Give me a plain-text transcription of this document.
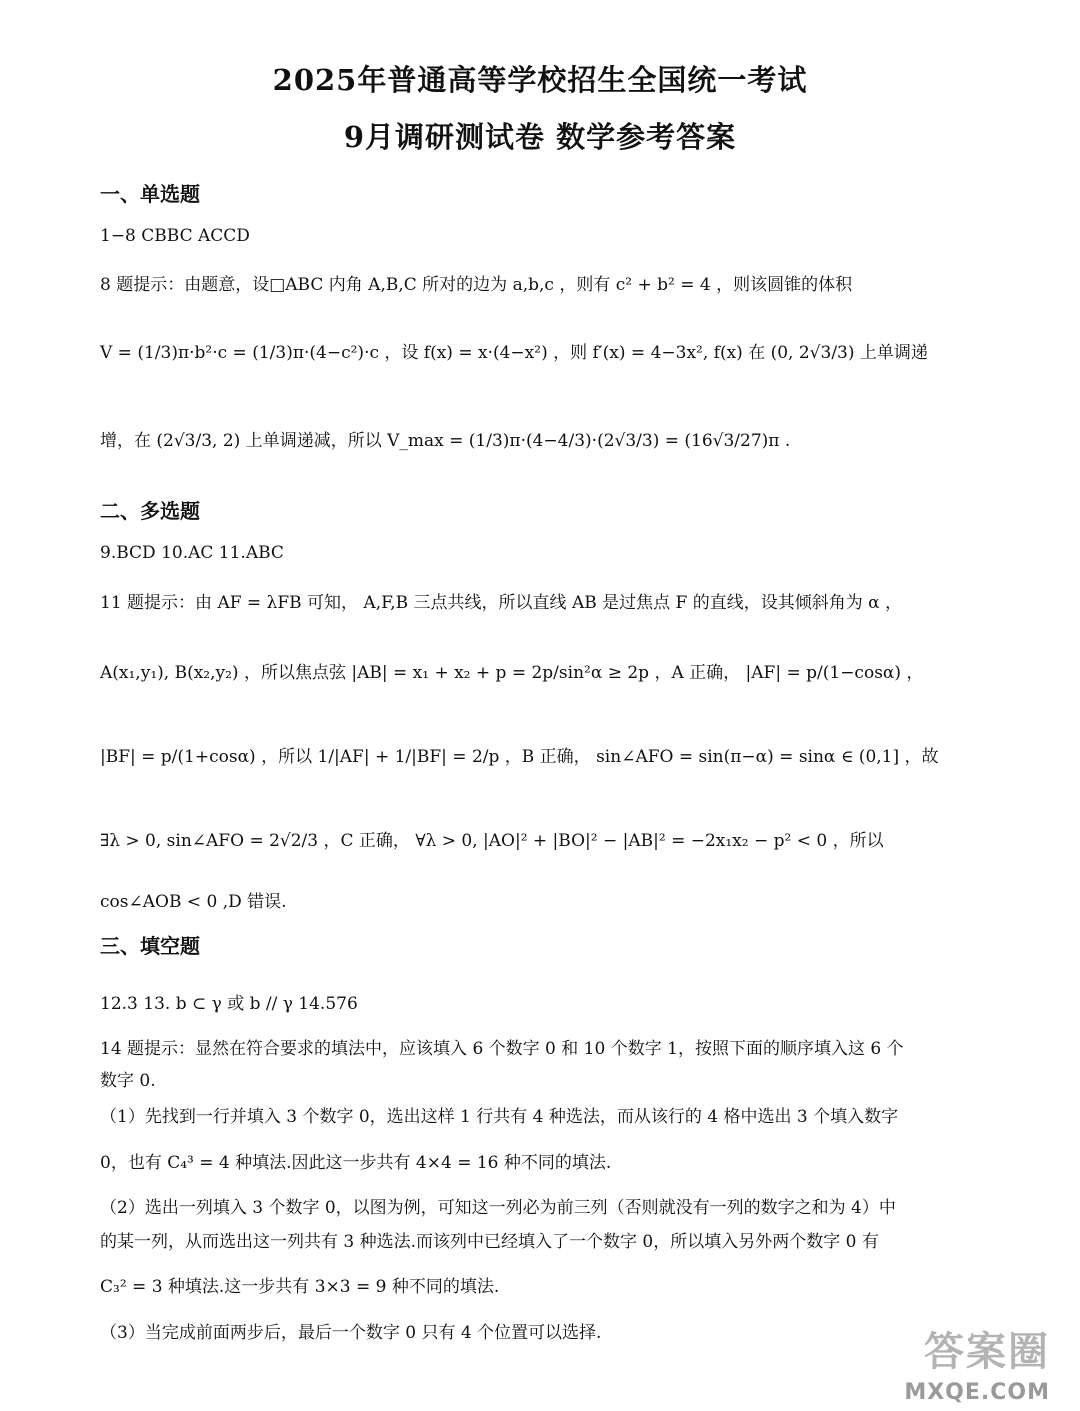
2025年普通高等学校招生全国统一考试
9月调研测试卷 数学参考答案
一、单选题
1−8 CBBC ACCD
8 题提示：由题意，设□ABC 内角 A,B,C 所对的边为 a,b,c ，则有 c² + b² = 4 ，则该圆锥的体积
V = (1/3)π·b²·c = (1/3)π·(4−c²)·c ，设 f(x) = x·(4−x²) ，则 f′(x) = 4−3x², f(x) 在 (0, 2√3/3) 上单调递
增，在 (2√3/3, 2) 上单调递减，所以 V_max = (1/3)π·(4−4/3)·(2√3/3) = (16√3/27)π .
二、多选题
9.BCD 10.AC 11.ABC
11 题提示：由 AF = λFB 可知， A,F,B 三点共线，所以直线 AB 是过焦点 F 的直线，设其倾斜角为 α ，
A(x₁,y₁), B(x₂,y₂) ，所以焦点弦 |AB| = x₁ + x₂ + p = 2p/sin²α ≥ 2p ，A 正确， |AF| = p/(1−cosα) ，
|BF| = p/(1+cosα) ，所以 1/|AF| + 1/|BF| = 2/p ，B 正确， sin∠AFO = sin(π−α) = sinα ∈ (0,1] ，故
∃λ > 0, sin∠AFO = 2√2/3 ，C 正确， ∀λ > 0, |AO|² + |BO|² − |AB|² = −2x₁x₂ − p² < 0 ，所以
cos∠AOB < 0 ,D 错误.
三、填空题
12.3 13. b ⊂ γ 或 b // γ 14.576
14 题提示：显然在符合要求的填法中，应该填入 6 个数字 0 和 10 个数字 1，按照下面的顺序填入这 6 个
数字 0.
（1）先找到一行并填入 3 个数字 0，选出这样 1 行共有 4 种选法，而从该行的 4 格中选出 3 个填入数字
0，也有 C₄³ = 4 种填法.因此这一步共有 4×4 = 16 种不同的填法.
（2）选出一列填入 3 个数字 0，以图为例，可知这一列必为前三列（否则就没有一列的数字之和为 4）中
的某一列，从而选出这一列共有 3 种选法.而该列中已经填入了一个数字 0，所以填入另外两个数字 0 有
C₃² = 3 种填法.这一步共有 3×3 = 9 种不同的填法.
（3）当完成前面两步后，最后一个数字 0 只有 4 个位置可以选择.	答案圈
MXQE.COM
